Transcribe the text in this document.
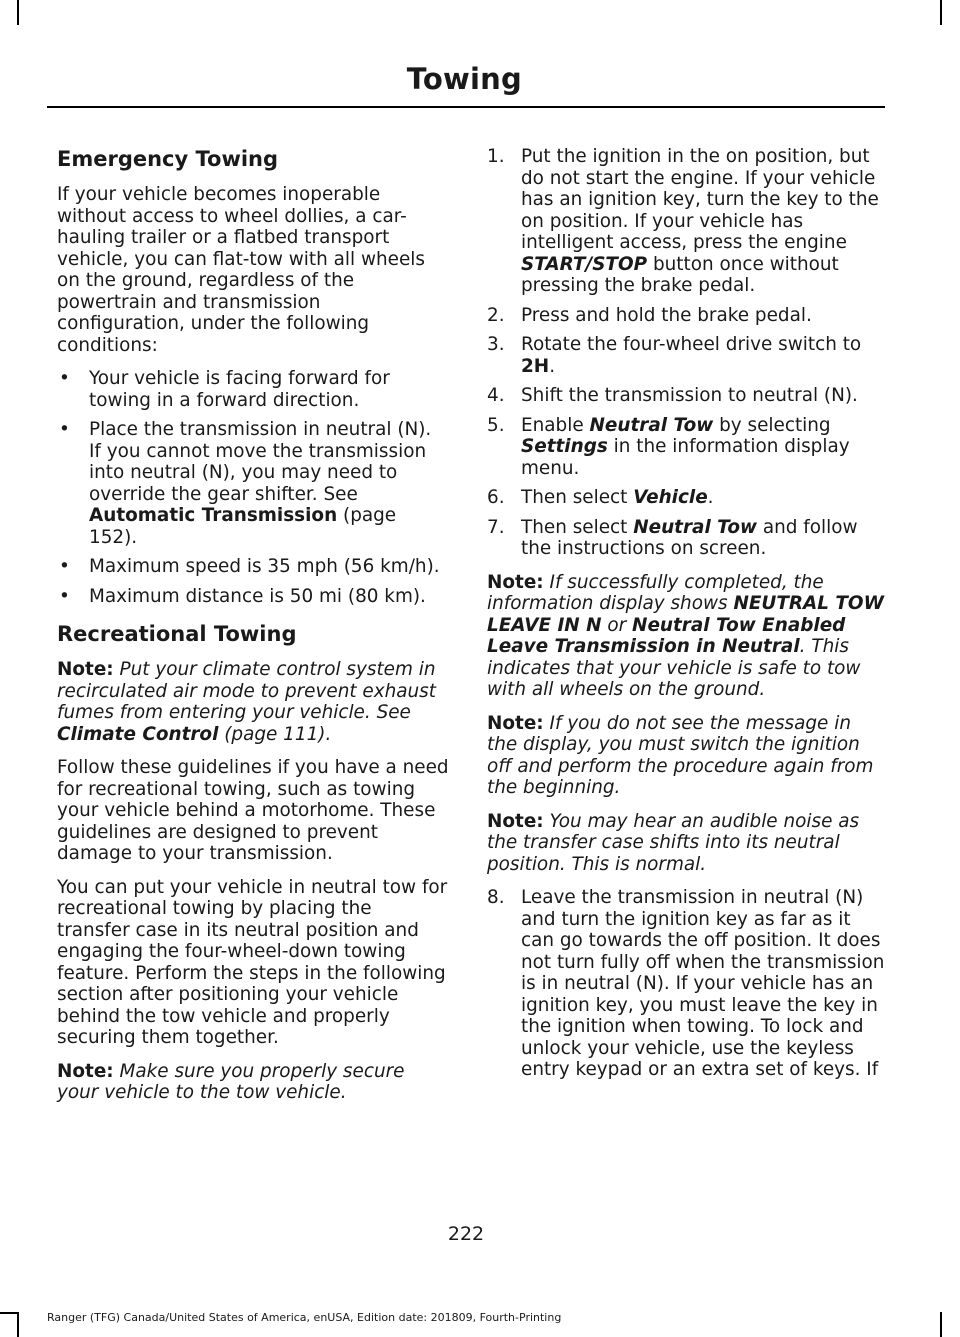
Towing
Emergency Towing

If your vehicle becomes inoperable without access to wheel dollies, a car-hauling trailer or a flatbed transport vehicle, you can flat-tow with all wheels on the ground, regardless of the powertrain and transmission configuration, under the following conditions:

• Your vehicle is facing forward for towing in a forward direction.
• Place the transmission in neutral (N). If you cannot move the transmission into neutral (N), you may need to override the gear shifter. See Automatic Transmission (page 152).
• Maximum speed is 35 mph (56 km/h).
• Maximum distance is 50 mi (80 km).
Recreational Towing

Note: Put your climate control system in recirculated air mode to prevent exhaust fumes from entering your vehicle. See Climate Control (page 111).

Follow these guidelines if you have a need for recreational towing, such as towing your vehicle behind a motorhome. These guidelines are designed to prevent damage to your transmission.

You can put your vehicle in neutral tow for recreational towing by placing the transfer case in its neutral position and engaging the four-wheel-down towing feature. Perform the steps in the following section after positioning your vehicle behind the tow vehicle and properly securing them together.

Note: Make sure you properly secure your vehicle to the tow vehicle.

1. Put the ignition in the on position, but do not start the engine. If your vehicle has an ignition key, turn the key to the on position. If your vehicle has intelligent access, press the engine START/STOP button once without pressing the brake pedal.
2. Press and hold the brake pedal.
3. Rotate the four-wheel drive switch to 2H.
4. Shift the transmission to neutral (N).
5. Enable Neutral Tow by selecting Settings in the information display menu.
6. Then select Vehicle.
7. Then select Neutral Tow and follow the instructions on screen.

Note: If successfully completed, the information display shows NEUTRAL TOW LEAVE IN N or Neutral Tow Enabled Leave Transmission in Neutral. This indicates that your vehicle is safe to tow with all wheels on the ground.

Note: If you do not see the message in the display, you must switch the ignition off and perform the procedure again from the beginning.

Note: You may hear an audible noise as the transfer case shifts into its neutral position. This is normal.

8. Leave the transmission in neutral (N) and turn the ignition key as far as it can go towards the off position. It does not turn fully off when the transmission is in neutral (N). If your vehicle has an ignition key, you must leave the key in the ignition when towing. To lock and unlock your vehicle, use the keyless entry keypad or an extra set of keys. If
222
Ranger (TFG) Canada/United States of America, enUSA, Edition date: 201809, Fourth-Printing
